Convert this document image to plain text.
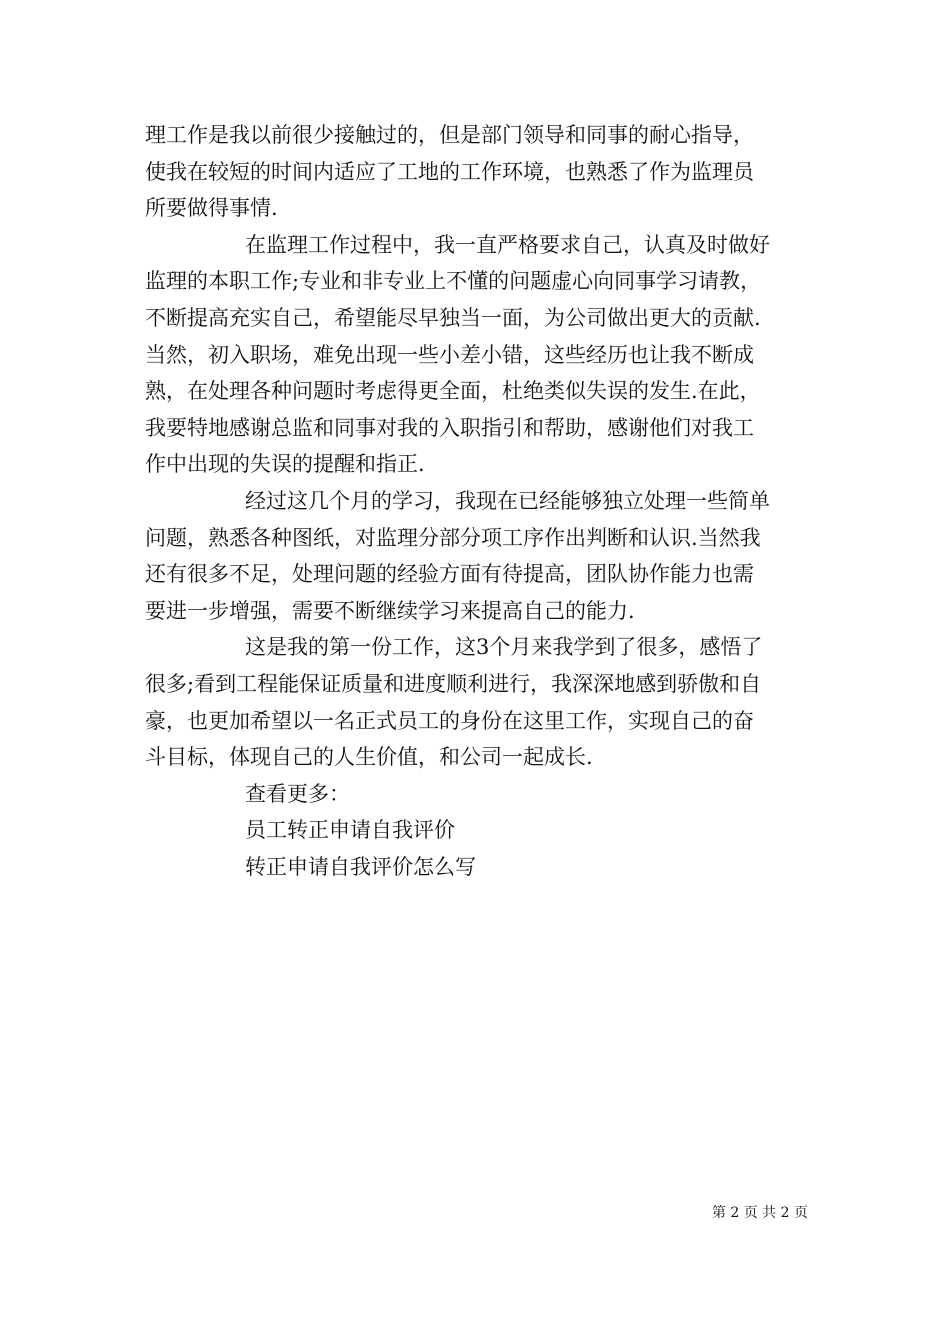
理工作是我以前很少接触过的，但是部门领导和同事的耐心指导，
使我在较短的时间内适应了工地的工作环境，也熟悉了作为监理员
所要做得事情.
在监理工作过程中，我一直严格要求自己，认真及时做好
监理的本职工作;专业和非专业上不懂的问题虚心向同事学习请教，
不断提高充实自己，希望能尽早独当一面，为公司做出更大的贡献.
当然，初入职场，难免出现一些小差小错，这些经历也让我不断成
熟，在处理各种问题时考虑得更全面，杜绝类似失误的发生.在此，
我要特地感谢总监和同事对我的入职指引和帮助，感谢他们对我工
作中出现的失误的提醒和指正.
经过这几个月的学习，我现在已经能够独立处理一些简单
问题，熟悉各种图纸，对监理分部分项工序作出判断和认识.当然我
还有很多不足，处理问题的经验方面有待提高，团队协作能力也需
要进一步增强，需要不断继续学习来提高自己的能力.
这是我的第一份工作，这3个月来我学到了很多，感悟了
很多;看到工程能保证质量和进度顺利进行，我深深地感到骄傲和自
豪，也更加希望以一名正式员工的身份在这里工作，实现自己的奋
斗目标，体现自己的人生价值，和公司一起成长.
查看更多：
员工转正申请自我评价
转正申请自我评价怎么写
第 2 页 共 2 页
